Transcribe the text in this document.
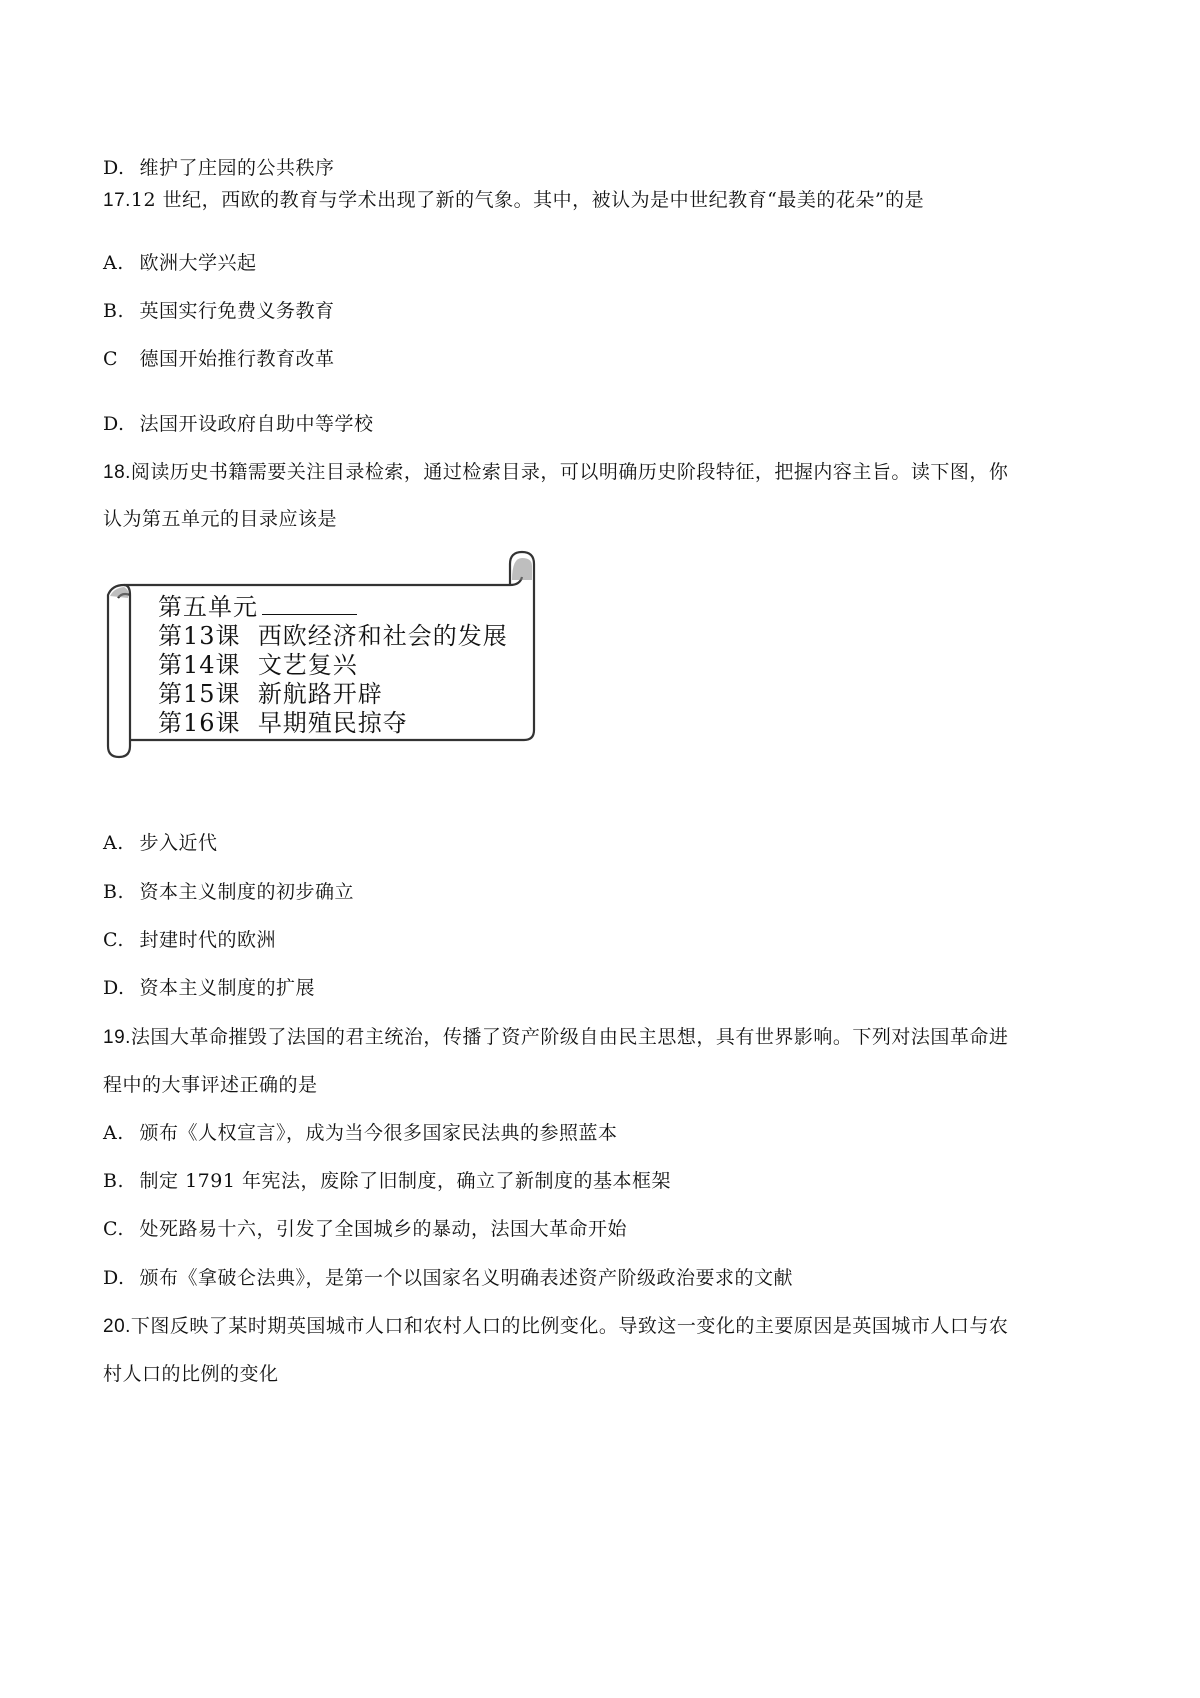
D. 维护了庄园的公共秩序
17.12 世纪，西欧的教育与学术出现了新的气象。其中，被认为是中世纪教育“最美的花朵”的是
A. 欧洲大学兴起
B. 英国实行免费义务教育
C 德国开始推行教育改革
D. 法国开设政府自助中等学校
18.阅读历史书籍需要关注目录检索，通过检索目录，可以明确历史阶段特征，把握内容主旨。读下图，你
认为第五单元的目录应该是
第五单元
第13课 西欧经济和社会的发展
第14课 文艺复兴
第15课 新航路开辟
第16课 早期殖民掠夺
A. 步入近代
B. 资本主义制度的初步确立
C. 封建时代的欧洲
D. 资本主义制度的扩展
19.法国大革命摧毁了法国的君主统治，传播了资产阶级自由民主思想，具有世界影响。下列对法国革命进
程中的大事评述正确的是
A. 颁布《人权宣言》，成为当今很多国家民法典的参照蓝本
B. 制定 1791 年宪法，废除了旧制度，确立了新制度的基本框架
C. 处死路易十六，引发了全国城乡的暴动，法国大革命开始
D. 颁布《拿破仑法典》，是第一个以国家名义明确表述资产阶级政治要求的文献
20.下图反映了某时期英国城市人口和农村人口的比例变化。导致这一变化的主要原因是英国城市人口与农
村人口的比例的变化
